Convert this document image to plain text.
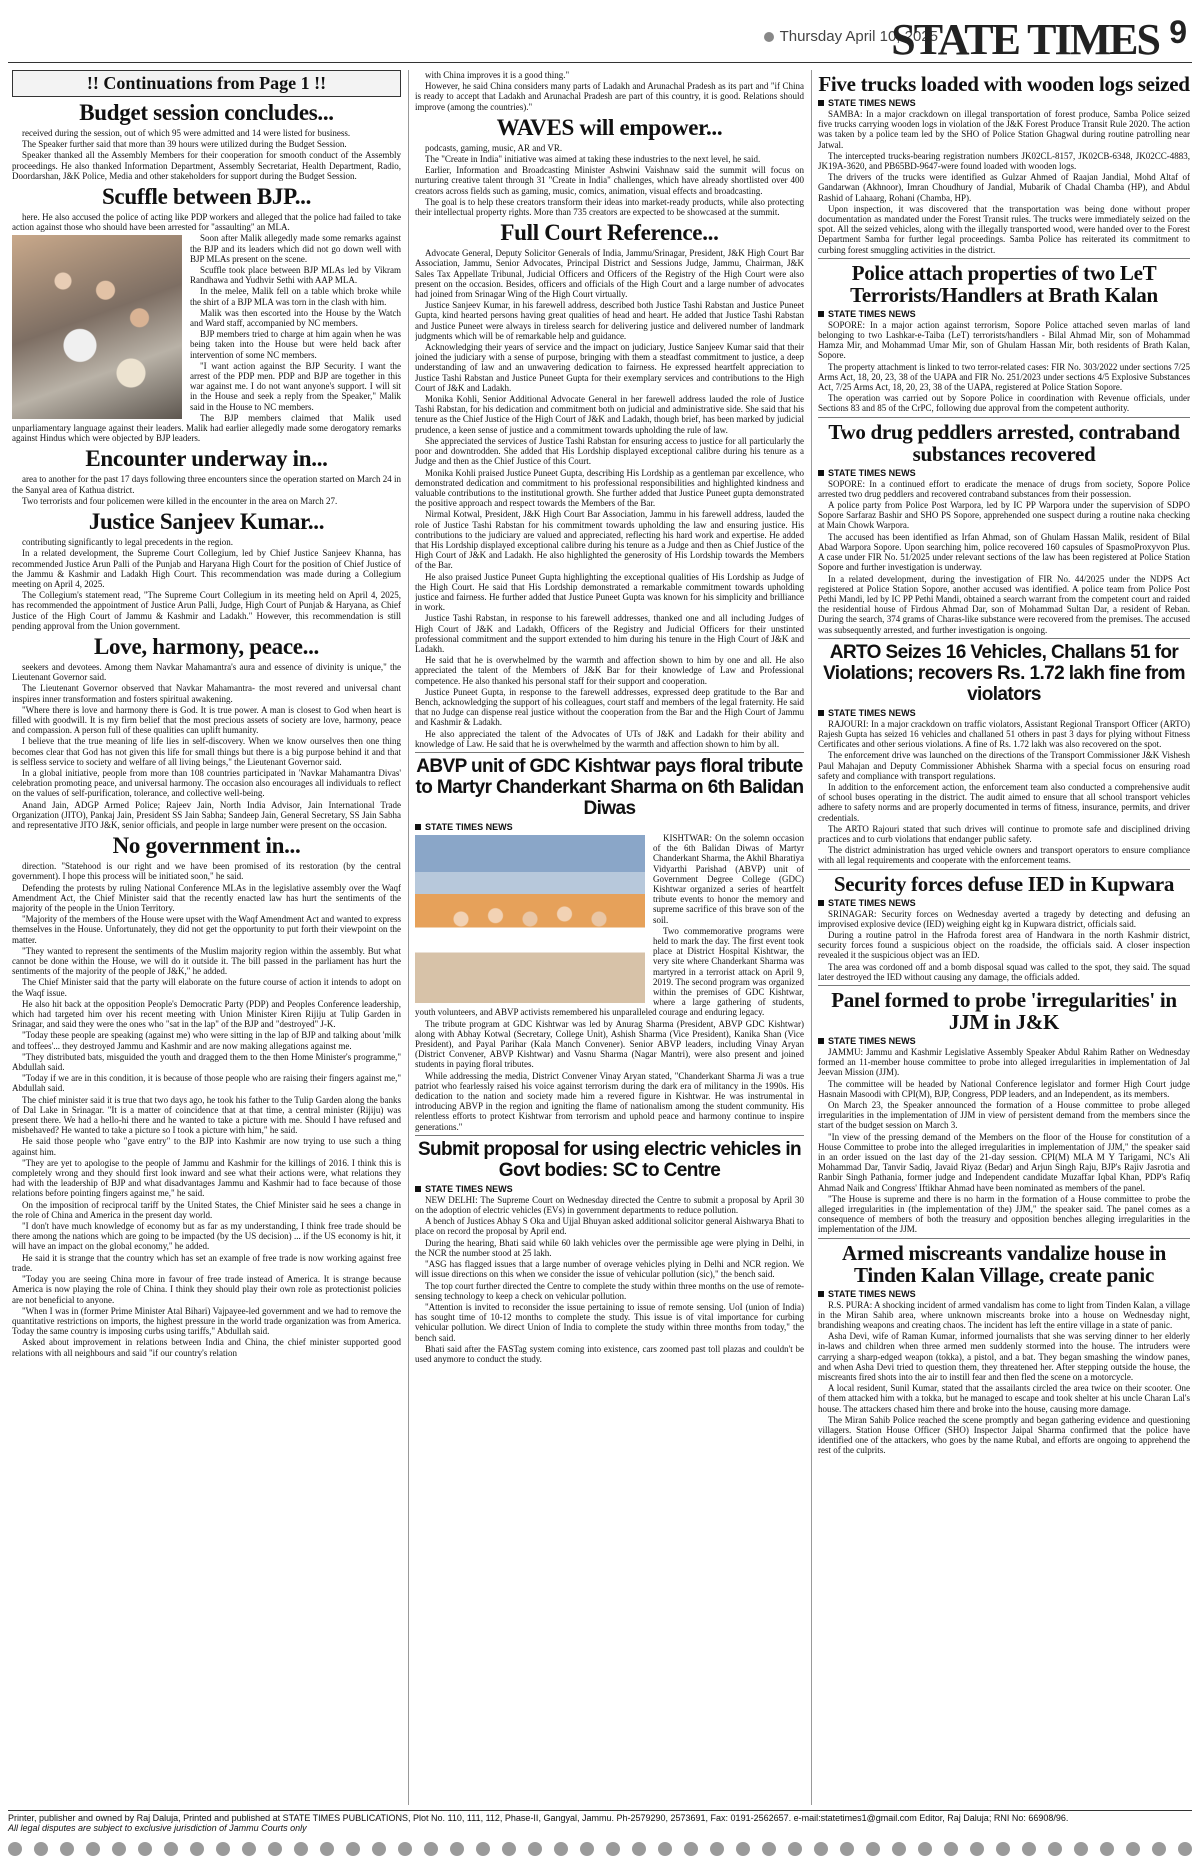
Thursday April 10, 2025
STATE TIMES 9
!! Continuations from Page 1 !!
Budget session concludes...

received during the session, out of which 95 were admitted and 14 were listed for business.

The Speaker further said that more than 39 hours were utilized during the Budget Session.

Speaker thanked all the Assembly Members for their cooperation for smooth conduct of the Assembly proceedings. He also thanked Information Department, Assembly Secretariat, Health Department, Radio, Doordarshan, J&K Police, Media and other stakeholders for support during the Budget Session.

Scuffle between BJP...

here. He also accused the police of acting like PDP workers and alleged that the police had failed to take action against those who should have been arrested for "assaulting" an MLA.

Soon after Malik allegedly made some remarks against the BJP and its leaders which did not go down well with BJP MLAs present on the scene.

Scuffle took place between BJP MLAs led by Vikram Randhawa and Yudhvir Sethi with AAP MLA.

In the melee, Malik fell on a table which broke while the shirt of a BJP MLA was torn in the clash with him.

Malik was then escorted into the House by the Watch and Ward staff, accompanied by NC members.

BJP members tried to charge at him again when he was being taken into the House but were held back after intervention of some NC members.

"I want action against the BJP Security. I want the arrest of the PDP men. PDP and BJP are together in this war against me. I do not want anyone's support. I will sit in the House and seek a reply from the Speaker," Malik said in the House to NC members.

The BJP members claimed that Malik used unparliamentary language against their leaders. Malik had earlier allegedly made some derogatory remarks against Hindus which were objected by BJP leaders.

Encounter underway in...

area to another for the past 17 days following three encounters since the operation started on March 24 in the Sanyal area of Kathua district.

Two terrorists and four policemen were killed in the encounter in the area on March 27.

Justice Sanjeev Kumar...

contributing significantly to legal precedents in the region.

In a related development, the Supreme Court Collegium, led by Chief Justice Sanjeev Khanna, has recommended Justice Arun Palli of the Punjab and Haryana High Court for the position of Chief Justice of the Jammu & Kashmir and Ladakh High Court. This recommendation was made during a Collegium meeting on April 4, 2025.

The Collegium's statement read, "The Supreme Court Collegium in its meeting held on April 4, 2025, has recommended the appointment of Justice Arun Palli, Judge, High Court of Punjab & Haryana, as Chief Justice of the High Court of Jammu & Kashmir and Ladakh." However, this recommendation is still pending approval from the Union government.

Love, harmony, peace...

seekers and devotees. Among them Navkar Mahamantra's aura and essence of divinity is unique," the Lieutenant Governor said.

The Lieutenant Governor observed that Navkar Mahamantra- the most revered and universal chant inspires inner transformation and fosters spiritual awakening.

"Where there is love and harmony there is God. It is true power. A man is closest to God when heart is filled with goodwill. It is my firm belief that the most precious assets of society are love, harmony, peace and compassion. A person full of these qualities can uplift humanity.

I believe that the true meaning of life lies in self-discovery. When we know ourselves then one thing becomes clear that God has not given this life for small things but there is a big purpose behind it and that is selfless service to society and welfare of all living beings," the Lieutenant Governor said.

In a global initiative, people from more than 108 countries participated in 'Navkar Mahamantra Divas' celebration promoting peace, and universal harmony. The occasion also encourages all individuals to reflect on the values of self-purification, tolerance, and collective well-being.

Anand Jain, ADGP Armed Police; Rajeev Jain, North India Advisor, Jain International Trade Organization (JITO), Pankaj Jain, President SS Jain Sabha; Sandeep Jain, General Secretary, SS Jain Sabha and representative JITO J&K, senior officials, and people in large number were present on the occasion.

No government in...

direction. "Statehood is our right and we have been promised of its restoration (by the central government). I hope this process will be initiated soon," he said.

Defending the protests by ruling National Conference MLAs in the legislative assembly over the Waqf Amendment Act, the Chief Minister said that the recently enacted law has hurt the sentiments of the majority of the people in the Union Territory.

"Majority of the members of the House were upset with the Waqf Amendment Act and wanted to express themselves in the House. Unfortunately, they did not get the opportunity to put forth their viewpoint on the matter.

"They wanted to represent the sentiments of the Muslim majority region within the assembly. But what cannot be done within the House, we will do it outside it. The bill passed in the parliament has hurt the sentiments of the majority of the people of J&K," he added.

The Chief Minister said that the party will elaborate on the future course of action it intends to adopt on the Waqf issue.

He also hit back at the opposition People's Democratic Party (PDP) and Peoples Conference leadership, which had targeted him over his recent meeting with Union Minister Kiren Rijiju at Tulip Garden in Srinagar, and said they were the ones who "sat in the lap" of the BJP and "destroyed" J-K.

"Today these people are speaking (against me) who were sitting in the lap of BJP and talking about 'milk and toffees'... they destroyed Jammu and Kashmir and are now making allegations against me.

"They distributed bats, misguided the youth and dragged them to the then Home Minister's programme," Abdullah said.

"Today if we are in this condition, it is because of those people who are raising their fingers against me," Abdullah said.

The chief minister said it is true that two days ago, he took his father to the Tulip Garden along the banks of Dal Lake in Srinagar. "It is a matter of coincidence that at that time, a central minister (Rijiju) was present there. We had a hello-hi there and he wanted to take a picture with me. Should I have refused and misbehaved? He wanted to take a picture so I took a picture with him," he said.

He said those people who "gave entry" to the BJP into Kashmir are now trying to use such a thing against him.

"They are yet to apologise to the people of Jammu and Kashmir for the killings of 2016. I think this is completely wrong and they should first look inward and see what their actions were, what relations they had with the leadership of BJP and what disadvantages Jammu and Kashmir had to face because of those relations before pointing fingers against me," he said.

On the imposition of reciprocal tariff by the United States, the Chief Minister said he sees a change in the role of China and America in the present day world.

"I don't have much knowledge of economy but as far as my understanding, I think free trade should be there among the nations which are going to be impacted (by the US decision) ... if the US economy is hit, it will have an impact on the global economy," he added.

He said it is strange that the country which has set an example of free trade is now working against free trade.

"Today you are seeing China more in favour of free trade instead of America. It is strange because America is now playing the role of China. I think they should play their own role as protectionist policies are not beneficial to anyone.

"When I was in (former Prime Minister Atal Bihari) Vajpayee-led government and we had to remove the quantitative restrictions on imports, the highest pressure in the world trade organization was from America. Today the same country is imposing curbs using tariffs," Abdullah said.

Asked about improvement in relations between India and China, the chief minister supported good relations with all neighbours and said "if our country's relation

with China improves it is a good thing."

However, he said China considers many parts of Ladakh and Arunachal Pradesh as its part and "if China is ready to accept that Ladakh and Arunachal Pradesh are part of this country, it is good. Relations should improve (among the countries)."

WAVES will empower...

podcasts, gaming, music, AR and VR.

The "Create in India" initiative was aimed at taking these industries to the next level, he said.

Earlier, Information and Broadcasting Minister Ashwini Vaishnaw said the summit will focus on nurturing creative talent through 31 "Create in India" challenges, which have already shortlisted over 400 creators across fields such as gaming, music, comics, animation, visual effects and broadcasting.

The goal is to help these creators transform their ideas into market-ready products, while also protecting their intellectual property rights. More than 735 creators are expected to be showcased at the summit.

Full Court Reference...

Advocate General, Deputy Solicitor Generals of India, Jammu/Srinagar, President, J&K High Court Bar Association, Jammu, Senior Advocates, Principal District and Sessions Judge, Jammu, Chairman, J&K Sales Tax Appellate Tribunal, Judicial Officers and Officers of the Registry of the High Court were also present on the occasion. Besides, officers and officials of the High Court and a large number of advocates had joined from Srinagar Wing of the High Court virtually.

Justice Sanjeev Kumar, in his farewell address, described both Justice Tashi Rabstan and Justice Puneet Gupta, kind hearted persons having great qualities of head and heart. He added that Justice Tashi Rabstan and Justice Puneet were always in tireless search for delivering justice and delivered number of landmark judgments which will be of remarkable help and guidance.

Acknowledging their years of service and the impact on judiciary, Justice Sanjeev Kumar said that their joined the judiciary with a sense of purpose, bringing with them a steadfast commitment to justice, a deep understanding of law and an unwavering dedication to fairness. He expressed heartfelt appreciation to Justice Tashi Rabstan and Justice Puneet Gupta for their exemplary services and contributions to the High Court of J&K and Ladakh.

Monika Kohli, Senior Additional Advocate General in her farewell address lauded the role of Justice Tashi Rabstan, for his dedication and commitment both on judicial and administrative side. She said that his tenure as the Chief Justice of the High Court of J&K and Ladakh, though brief, has been marked by judicial prudence, a keen sense of justice and a commitment towards upholding the rule of law.

She appreciated the services of Justice Tashi Rabstan for ensuring access to justice for all particularly the poor and downtrodden. She added that His Lordship displayed exceptional calibre during his tenure as a Judge and then as the Chief Justice of this Court.

Monika Kohli praised Justice Puneet Gupta, describing His Lordship as a gentleman par excellence, who demonstrated dedication and commitment to his professional responsibilities and highlighted kindness and valuable contributions to the institutional growth. She further added that Justice Puneet gupta demonstrated the positive approach and respect towards the Members of the Bar.

Nirmal Kotwal, President, J&K High Court Bar Association, Jammu in his farewell address, lauded the role of Justice Tashi Rabstan for his commitment towards upholding the law and ensuring justice. His contributions to the judiciary are valued and appreciated, reflecting his hard work and expertise. He added that His Lordship displayed exceptional calibre during his tenure as a Judge and then as Chief Justice of the High Court of J&K and Ladakh. He also highlighted the generosity of His Lordship towards the Members of the Bar.

He also praised Justice Puneet Gupta highlighting the exceptional qualities of His Lordship as Judge of the High Court. He said that His Lordship demonstrated a remarkable commitment towards upholding justice and fairness. He further added that Justice Puneet Gupta was known for his simplicity and brilliance in work.

Justice Tashi Rabstan, in response to his farewell addresses, thanked one and all including Judges of High Court of J&K and Ladakh, Officers of the Registry and Judicial Officers for their unstinted professional commitment and the support extended to him during his tenure in the High Court of J&K and Ladakh.

He said that he is overwhelmed by the warmth and affection shown to him by one and all. He also appreciated the talent of the Members of J&K Bar for their knowledge of Law and Professional competence. He also thanked his personal staff for their support and cooperation.

Justice Puneet Gupta, in response to the farewell addresses, expressed deep gratitude to the Bar and Bench, acknowledging the support of his colleagues, court staff and members of the legal fraternity. He said that no Judge can dispense real justice without the cooperation from the Bar and the High Court of Jammu and Kashmir & Ladakh.

He also appreciated the talent of the Advocates of UTs of J&K and Ladakh for their ability and knowledge of Law. He said that he is overwhelmed by the warmth and affection shown to him by all.

ABVP unit of GDC Kishtwar pays floral tribute to Martyr Chanderkant Sharma on 6th Balidan Diwas
STATE TIMES NEWS

KISHTWAR: On the solemn occasion of the 6th Balidan Diwas of Martyr Chanderkant Sharma, the Akhil Bharatiya Vidyarthi Parishad (ABVP) unit of Government Degree College (GDC) Kishtwar organized a series of heartfelt tribute events to honor the memory and supreme sacrifice of this brave son of the soil.

Two commemorative programs were held to mark the day. The first event took place at District Hospital Kishtwar, the very site where Chanderkant Sharma was martyred in a terrorist attack on April 9, 2019. The second program was organized within the premises of GDC Kishtwar, where a large gathering of students, youth volunteers, and ABVP activists remembered his unparalleled courage and enduring legacy.

The tribute program at GDC Kishtwar was led by Anurag Sharma (President, ABVP GDC Kishtwar) along with Abhay Kotwal (Secretary, College Unit), Ashish Sharma (Vice President), Kanika Shan (Vice President), and Payal Parihar (Kala Manch Convener). Senior ABVP leaders, including Vinay Aryan (District Convener, ABVP Kishtwar) and Vasnu Sharma (Nagar Mantri), were also present and joined students in paying floral tributes.

While addressing the media, District Convener Vinay Aryan stated, "Chanderkant Sharma Ji was a true patriot who fearlessly raised his voice against terrorism during the dark era of militancy in the 1990s. His dedication to the nation and society made him a revered figure in Kishtwar. He was instrumental in introducing ABVP in the region and igniting the flame of nationalism among the student community. His relentless efforts to protect Kishtwar from terrorism and uphold peace and harmony continue to inspire generations."

Submit proposal for using electric vehicles in Govt bodies: SC to Centre
STATE TIMES NEWS

NEW DELHI: The Supreme Court on Wednesday directed the Centre to submit a proposal by April 30 on the adoption of electric vehicles (EVs) in government departments to reduce pollution.

A bench of Justices Abhay S Oka and Ujjal Bhuyan asked additional solicitor general Aishwarya Bhati to place on record the proposal by April end.

During the hearing, Bhati said while 60 lakh vehicles over the permissible age were plying in Delhi, in the NCR the number stood at 25 lakh.

"ASG has flagged issues that a large number of overage vehicles plying in Delhi and NCR region. We will issue directions on this when we consider the issue of vehicular pollution (sic)," the bench said.

The top court further directed the Centre to complete the study within three months on the use of remote-sensing technology to keep a check on vehicular pollution.

"Attention is invited to reconsider the issue pertaining to issue of remote sensing. UoI (union of India) has sought time of 10-12 months to complete the study. This issue is of vital importance for curbing vehicular pollution. We direct Union of India to complete the study within three months from today," the bench said.

Bhati said after the FASTag system coming into existence, cars zoomed past toll plazas and couldn't be used anymore to conduct the study.

Five trucks loaded with wooden logs seized
STATE TIMES NEWS

SAMBA: In a major crackdown on illegal transportation of forest produce, Samba Police seized five trucks carrying wooden logs in violation of the J&K Forest Produce Transit Rule 2020. The action was taken by a police team led by the SHO of Police Station Ghagwal during routine patrolling near Jatwal.

The intercepted trucks-bearing registration numbers JK02CL-8157, JK02CB-6348, JK02CC-4883, JK19A-3620, and PB65BD-9647-were found loaded with wooden logs.

The drivers of the trucks were identified as Gulzar Ahmed of Raajan Jandial, Mohd Altaf of Gandarwan (Akhnoor), Imran Choudhury of Jandial, Mubarik of Chadal Chamba (HP), and Abdul Rashid of Lahaarg, Rohani (Chamba, HP).

Upon inspection, it was discovered that the transportation was being done without proper documentation as mandated under the Forest Transit rules. The trucks were immediately seized on the spot. All the seized vehicles, along with the illegally transported wood, were handed over to the Forest Department Samba for further legal proceedings. Samba Police has reiterated its commitment to curbing forest smuggling activities in the district.

Police attach properties of two LeT Terrorists/Handlers at Brath Kalan
STATE TIMES NEWS

SOPORE: In a major action against terrorism, Sopore Police attached seven marlas of land belonging to two Lashkar-e-Taiba (LeT) terrorists/handlers - Bilal Ahmad Mir, son of Mohammad Hamza Mir, and Mohammad Umar Mir, son of Ghulam Hassan Mir, both residents of Brath Kalan, Sopore.

The property attachment is linked to two terror-related cases: FIR No. 303/2022 under sections 7/25 Arms Act, 18, 20, 23, 38 of the UAPA and FIR No. 251/2023 under sections 4/5 Explosive Substances Act, 7/25 Arms Act, 18, 20, 23, 38 of the UAPA, registered at Police Station Sopore.

The operation was carried out by Sopore Police in coordination with Revenue officials, under Sections 83 and 85 of the CrPC, following due approval from the competent authority.

Two drug peddlers arrested, contraband substances recovered
STATE TIMES NEWS

SOPORE: In a continued effort to eradicate the menace of drugs from society, Sopore Police arrested two drug peddlers and recovered contraband substances from their possession.

A police party from Police Post Warpora, led by IC PP Warpora under the supervision of SDPO Sopore Sarfaraz Bashir and SHO PS Sopore, apprehended one suspect during a routine naka checking at Main Chowk Warpora.

The accused has been identified as Irfan Ahmad, son of Ghulam Hassan Malik, resident of Bilal Abad Warpora Sopore. Upon searching him, police recovered 160 capsules of SpasmoProxyvon Plus. A case under FIR No. 51/2025 under relevant sections of the law has been registered at Police Station Sopore and further investigation is underway.

In a related development, during the investigation of FIR No. 44/2025 under the NDPS Act registered at Police Station Sopore, another accused was identified. A police team from Police Post Pethi Mandi, led by IC PP Pethi Mandi, obtained a search warrant from the competent court and raided the residential house of Firdous Ahmad Dar, son of Mohammad Sultan Dar, a resident of Reban. During the search, 374 grams of Charas-like substance were recovered from the premises. The accused was subsequently arrested, and further investigation is ongoing.

ARTO Seizes 16 Vehicles, Challans 51 for Violations; recovers Rs. 1.72 lakh fine from violators
STATE TIMES NEWS

RAJOURI: In a major crackdown on traffic violators, Assistant Regional Transport Officer (ARTO) Rajesh Gupta has seized 16 vehicles and challaned 51 others in past 3 days for plying without Fitness Certificates and other serious violations. A fine of Rs. 1.72 lakh was also recovered on the spot.

The enforcement drive was launched on the directions of the Transport Commissioner J&K Vishesh Paul Mahajan and Deputy Commissioner Abhishek Sharma with a special focus on ensuring road safety and compliance with transport regulations.

In addition to the enforcement action, the enforcement team also conducted a comprehensive audit of school buses operating in the district. The audit aimed to ensure that all school transport vehicles adhere to safety norms and are properly documented in terms of fitness, insurance, permits, and driver credentials.

The ARTO Rajouri stated that such drives will continue to promote safe and disciplined driving practices and to curb violations that endanger public safety.

The district administration has urged vehicle owners and transport operators to ensure compliance with all legal requirements and cooperate with the enforcement teams.

Security forces defuse IED in Kupwara
STATE TIMES NEWS

SRINAGAR: Security forces on Wednesday averted a tragedy by detecting and defusing an improvised explosive device (IED) weighing eight kg in Kupwara district, officials said.

During a routine patrol in the Hafroda forest area of Handwara in the north Kashmir district, security forces found a suspicious object on the roadside, the officials said. A closer inspection revealed it the suspicious object was an IED.

The area was cordoned off and a bomb disposal squad was called to the spot, they said. The squad later destroyed the IED without causing any damage, the officials added.

Panel formed to probe 'irregularities' in JJM in J&K
STATE TIMES NEWS

JAMMU: Jammu and Kashmir Legislative Assembly Speaker Abdul Rahim Rather on Wednesday formed an 11-member house committee to probe into alleged irregularities in implementation of Jal Jeevan Mission (JJM).

The committee will be headed by National Conference legislator and former High Court judge Hasnain Masoodi with CPI(M), BJP, Congress, PDP leaders, and an Independent, as its members.

On March 23, the Speaker announced the formation of a House committee to probe alleged irregularities in the implementation of JJM in view of persistent demand from the members since the start of the budget session on March 3.

"In view of the pressing demand of the Members on the floor of the House for constitution of a House Committee to probe into the alleged irregularities in implementation of JJM," the speaker said in an order issued on the last day of the 21-day session. CPI(M) MLA M Y Tarigami, NC's Ali Mohammad Dar, Tanvir Sadiq, Javaid Riyaz (Bedar) and Arjun Singh Raju, BJP's Rajiv Jasrotia and Ranbir Singh Pathania, former judge and Independent candidate Muzaffar Iqbal Khan, PDP's Rafiq Ahmad Naik and Congress' Iftikhar Ahmad have been nominated as members of the panel.

"The House is supreme and there is no harm in the formation of a House committee to probe the alleged irregularities in (the implementation of the) JJM," the speaker said. The panel comes as a consequence of members of both the treasury and opposition benches alleging irregularities in the implementation of the JJM.

Armed miscreants vandalize house in Tinden Kalan Village, create panic
STATE TIMES NEWS

R.S. PURA: A shocking incident of armed vandalism has come to light from Tinden Kalan, a village in the Miran Sahib area, where unknown miscreants broke into a house on Wednesday night, brandishing weapons and creating chaos. The incident has left the entire village in a state of panic.

Asha Devi, wife of Raman Kumar, informed journalists that she was serving dinner to her elderly in-laws and children when three armed men suddenly stormed into the house. The intruders were carrying a sharp-edged weapon (tokka), a pistol, and a bat. They began smashing the window panes, and when Asha Devi tried to question them, they threatened her. After stepping outside the house, the miscreants fired shots into the air to instill fear and then fled the scene on a motorcycle.

A local resident, Sunil Kumar, stated that the assailants circled the area twice on their scooter. One of them attacked him with a tokka, but he managed to escape and took shelter at his uncle Charan Lal's house. The attackers chased him there and broke into the house, causing more damage.

The Miran Sahib Police reached the scene promptly and began gathering evidence and questioning villagers. Station House Officer (SHO) Inspector Jaipal Sharma confirmed that the police have identified one of the attackers, who goes by the name Rubal, and efforts are ongoing to apprehend the rest of the culprits.

Printer, publisher and owned by Raj Daluja, Printed and published at STATE TIMES PUBLICATIONS, Plot No. 110, 111, 112, Phase-II, Gangyal, Jammu. Ph-2579290, 2573691, Fax: 0191-2562657. e-mail:statetimes1@gmail.com Editor, Raj Daluja; RNI No: 66908/96.
All legal disputes are subject to exclusive jurisdiction of Jammu Courts only
